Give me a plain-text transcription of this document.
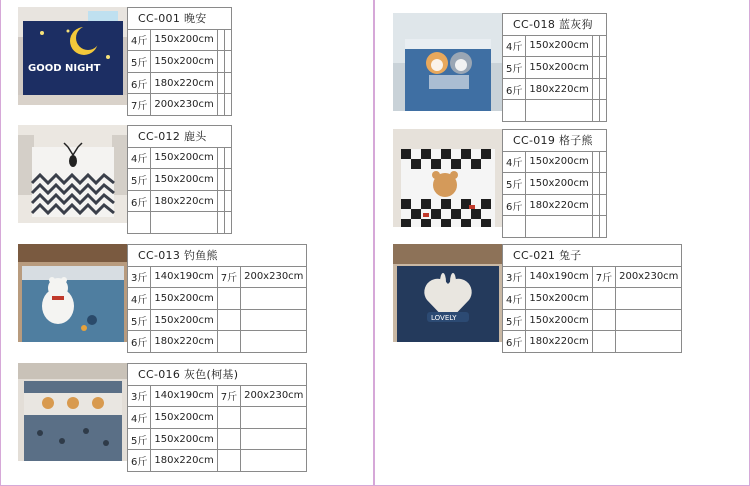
GOOD NIGHT
CC-001 晚安			
4斤	150x200cm		
5斤	150x200cm		
6斤	180x220cm		
7斤	200x230cm		
CC-012 鹿头			
4斤	150x200cm		
5斤	150x200cm		
6斤	180x220cm		

CC-013 钓鱼熊			
3斤	140x190cm	7斤	200x230cm
4斤	150x200cm		
5斤	150x200cm		
6斤	180x220cm		
CC-016 灰色(柯基)			
3斤	140x190cm	7斤	200x230cm
4斤	150x200cm		
5斤	150x200cm		
6斤	180x220cm		
CC-018 蓝灰狗			
4斤	150x200cm		
5斤	150x200cm		
6斤	180x220cm		

CC-019 格子熊			
4斤	150x200cm		
5斤	150x200cm		
6斤	180x220cm		

LOVELY
CC-021 兔子			
3斤	140x190cm	7斤	200x230cm
4斤	150x200cm		
5斤	150x200cm		
6斤	180x220cm		
